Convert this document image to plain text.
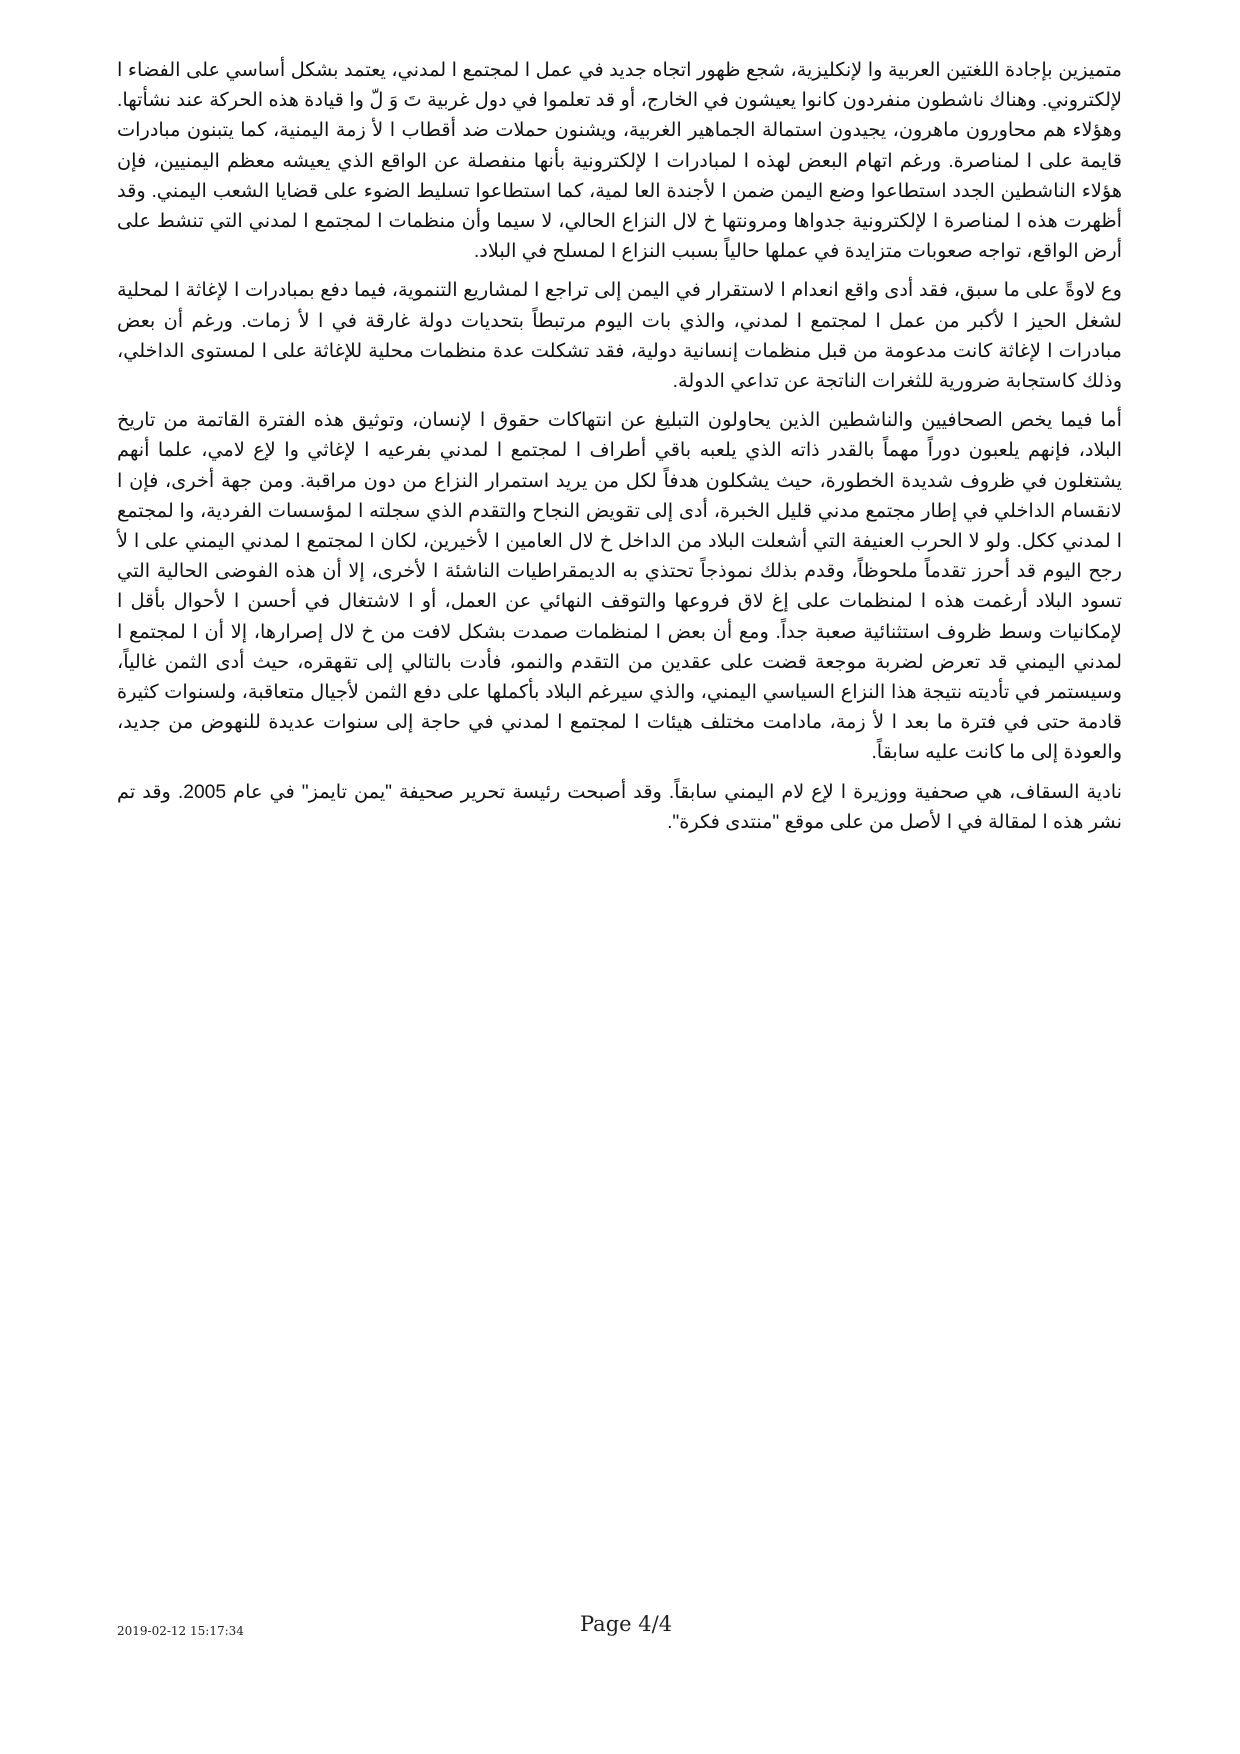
متميزين بإجادة اللغتين العربية وا لإنكليزية، شجع ظهور اتجاه جديد في عمل ا لمجتمع ا لمدني، يعتمد بشكل أساسي على الفضاء ا لإلكتروني. وهناك ناشطون منفردون كانوا يعيشون في الخارج، أو قد تعلموا في دول غربية تَ وَ لّ وا قيادة هذه الحركة عند نشأتها. وهؤلاء هم محاورون ماهرون، يجيدون استمالة الجماهير الغربية، ويشنون حملات ضد أقطاب ا لأ زمة اليمنية، كما يتبنون مبادرات قايمة على ا لمناصرة. ورغم اتهام البعض لهذه ا لمبادرات ا لإلكترونية بأنها منفصلة عن الواقع الذي يعيشه معظم اليمنيين، فإن هؤلاء الناشطين الجدد استطاعوا وضع اليمن ضمن ا لأجندة العا لمية، كما استطاعوا تسليط الضوء على قضايا الشعب اليمني. وقد أظهرت هذه ا لمناصرة ا لإلكترونية جدواها ومرونتها خ لال النزاع الحالي، لا سيما وأن منظمات ا لمجتمع ا لمدني التي تنشط على أرض الواقع، تواجه صعوبات متزايدة في عملها حالياً بسبب النزاع ا لمسلح في البلاد.

وع لاوةً على ما سبق، فقد أدى واقع انعدام ا لاستقرار في اليمن إلى تراجع ا لمشاريع التنموية، فيما دفع بمبادرات ا لإغاثة ا لمحلية لشغل الحيز ا لأكبر من عمل ا لمجتمع ا لمدني، والذي بات اليوم مرتبطاً بتحديات دولة غارقة في ا لأ زمات. ورغم أن بعض مبادرات ا لإغاثة كانت مدعومة من قبل منظمات إنسانية دولية، فقد تشكلت عدة منظمات محلية للإغاثة على ا لمستوى الداخلي، وذلك كاستجابة ضرورية للثغرات الناتجة عن تداعي الدولة.

أما فيما يخص الصحافيين والناشطين الذين يحاولون التبليغ عن انتهاكات حقوق ا لإنسان، وتوثيق هذه الفترة القاتمة من تاريخ البلاد، فإنهم يلعبون دوراً مهماً بالقدر ذاته الذي يلعبه باقي أطراف ا لمجتمع ا لمدني بفرعيه ا لإغاثي وا لإع لامي، علما أنهم يشتغلون في ظروف شديدة الخطورة، حيث يشكلون هدفاً لكل من يريد استمرار النزاع من دون مراقبة. ومن جهة أخرى، فإن ا لانقسام الداخلي في إطار مجتمع مدني قليل الخبرة، أدى إلى تقويض النجاح والتقدم الذي سجلته ا لمؤسسات الفردية، وا لمجتمع ا لمدني ككل. ولو لا الحرب العنيفة التي أشعلت البلاد من الداخل خ لال العامين ا لأخيرين، لكان ا لمجتمع ا لمدني اليمني على ا لأ رجح اليوم قد أحرز تقدماً ملحوظاً، وقدم بذلك نموذجاً تحتذي به الديمقراطيات الناشئة ا لأخرى، إلا أن هذه الفوضى الحالية التي تسود البلاد أرغمت هذه ا لمنظمات على إغ لاق فروعها والتوقف النهائي عن العمل، أو ا لاشتغال في أحسن ا لأحوال بأقل ا لإمكانيات وسط ظروف استثنائية صعبة جداً. ومع أن بعض ا لمنظمات صمدت بشكل لافت من خ لال إصرارها، إلا أن ا لمجتمع ا لمدني اليمني قد تعرض لضربة موجعة قضت على عقدين من التقدم والنمو، فأدت بالتالي إلى تقهقره، حيث أدى الثمن غالياً، وسيستمر في تأديته نتيجة هذا النزاع السياسي اليمني، والذي سيرغم البلاد بأكملها على دفع الثمن لأجيال متعاقبة، ولسنوات كثيرة قادمة حتى في فترة ما بعد ا لأ زمة، مادامت مختلف هيئات ا لمجتمع ا لمدني في حاجة إلى سنوات عديدة للنهوض من جديد، والعودة إلى ما كانت عليه سابقاً.

نادية السقاف، هي صحفية ووزيرة ا لإع لام اليمني سابقاً. وقد أصبحت رئيسة تحرير صحيفة "يمن تايمز" في عام 2005. وقد تم نشر هذه ا لمقالة في ا لأصل من على موقع "منتدى فكرة".

2019-02-12 15:17:34	Page 4/4
